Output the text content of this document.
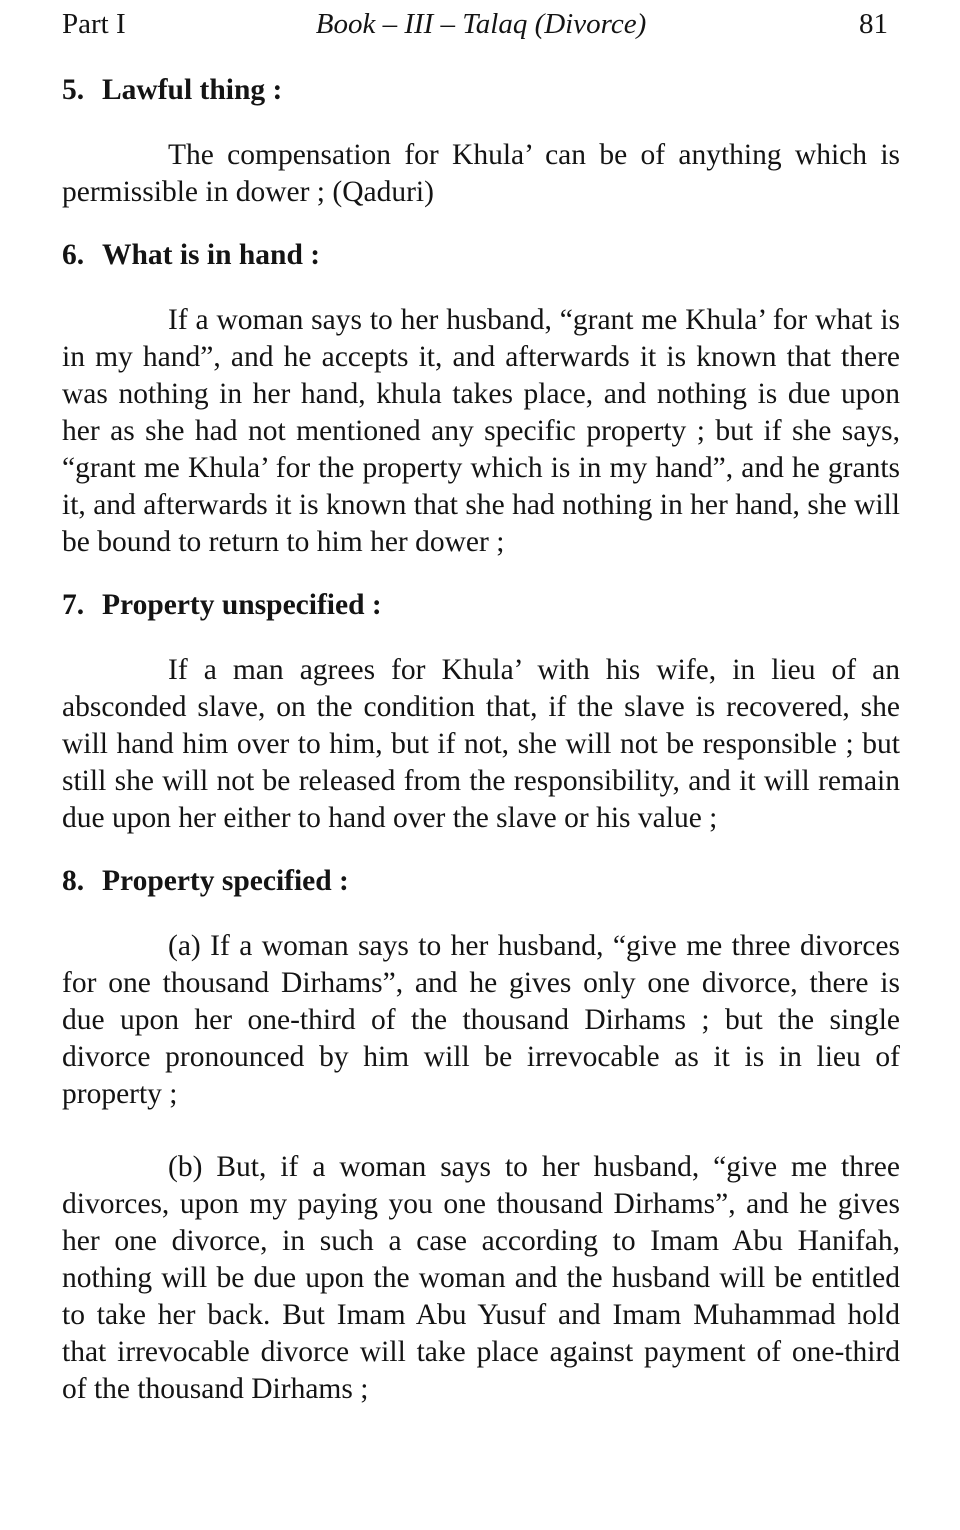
Part I	Book – III – Talaq (Divorce)	81
5. Lawful thing :

The compensation for Khula’ can be of anything which is permissible in dower ; (Qaduri)

6. What is in hand :

If a woman says to her husband, “grant me Khula’ for what is in my hand”, and he accepts it, and afterwards it is known that there was nothing in her hand, khula takes place, and nothing is due upon her as she had not mentioned any specific property ; but if she says, “grant me Khula’ for the property which is in my hand”, and he grants it, and afterwards it is known that she had nothing in her hand, she will be bound to return to him her dower ;

7. Property unspecified :

If a man agrees for Khula’ with his wife, in lieu of an absconded slave, on the condition that, if the slave is recovered, she will hand him over to him, but if not, she will not be responsible ; but still she will not be released from the responsibility, and it will remain due upon her either to hand over the slave or his value ;

8. Property specified :

(a) If a woman says to her husband, “give me three divorces for one thousand Dirhams”, and he gives only one divorce, there is due upon her one-third of the thousand Dirhams ; but the single divorce pronounced by him will be irrevocable as it is in lieu of property ;

(b) But, if a woman says to her husband, “give me three divorces, upon my paying you one thousand Dirhams”, and he gives her one divorce, in such a case according to Imam Abu Hanifah, nothing will be due upon the woman and the husband will be entitled to take her back. But Imam Abu Yusuf and Imam Muhammad hold that irrevocable divorce will take place against payment of one-third of the thousand Dirhams ;
